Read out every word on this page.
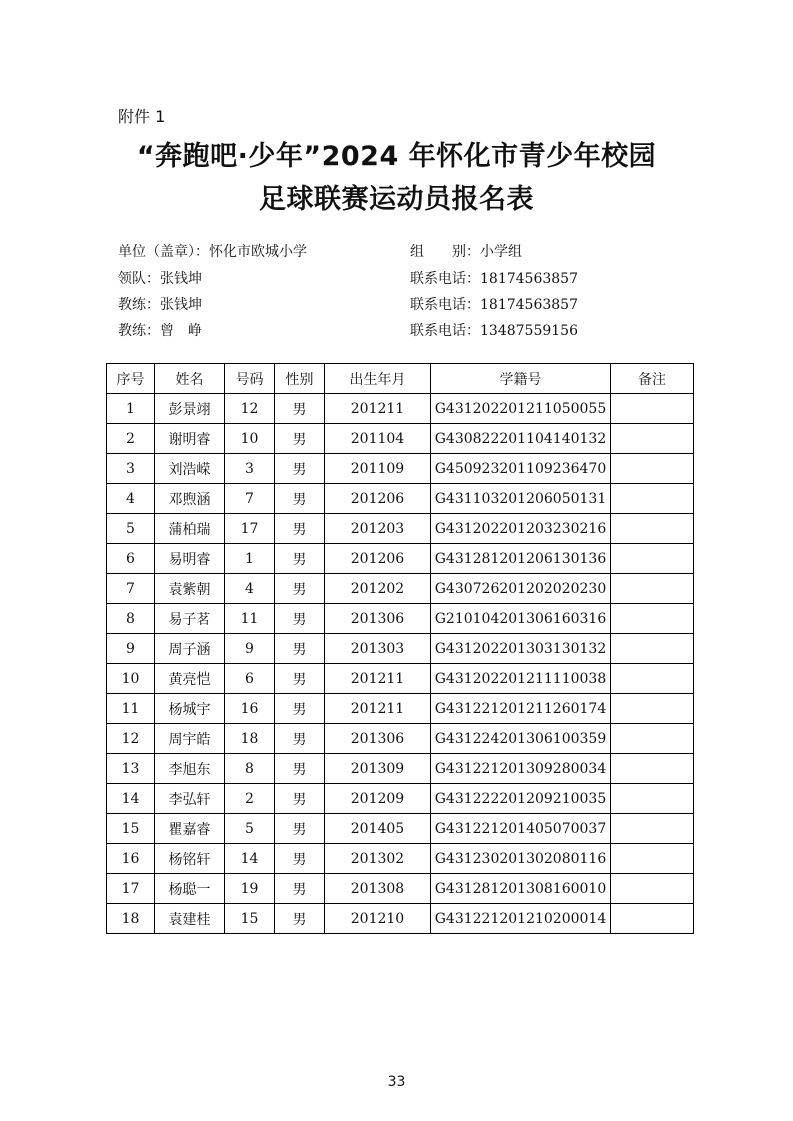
附件 1
“奔跑吧·少年”2024 年怀化市青少年校园
足球联赛运动员报名表
单位（盖章）：怀化市欧城小学
领队：张钱坤
教练：张钱坤
教练：曾　峥
组　　别：小学组
联系电话：18174563857
联系电话：18174563857
联系电话：13487559156
序号	姓名	号码	性别	出生年月	学籍号	备注
1	彭景翊	12	男	201211	G431202201211050055	
2	谢明睿	10	男	201104	G430822201104140132	
3	刘浩嵘	3	男	201109	G450923201109236470	
4	邓煦涵	7	男	201206	G431103201206050131	
5	蒲柏瑞	17	男	201203	G431202201203230216	
6	易明睿	1	男	201206	G431281201206130136	
7	袁紫朝	4	男	201202	G430726201202020230	
8	易子茗	11	男	201306	G210104201306160316	
9	周子涵	9	男	201303	G431202201303130132	
10	黄亮恺	6	男	201211	G431202201211110038	
11	杨城宇	16	男	201211	G431221201211260174	
12	周宇皓	18	男	201306	G431224201306100359	
13	李旭东	8	男	201309	G431221201309280034	
14	李弘轩	2	男	201209	G431222201209210035	
15	瞿嘉睿	5	男	201405	G431221201405070037	
16	杨铭轩	14	男	201302	G431230201302080116	
17	杨聪一	19	男	201308	G431281201308160010	
18	袁建桂	15	男	201210	G431221201210200014	
33
